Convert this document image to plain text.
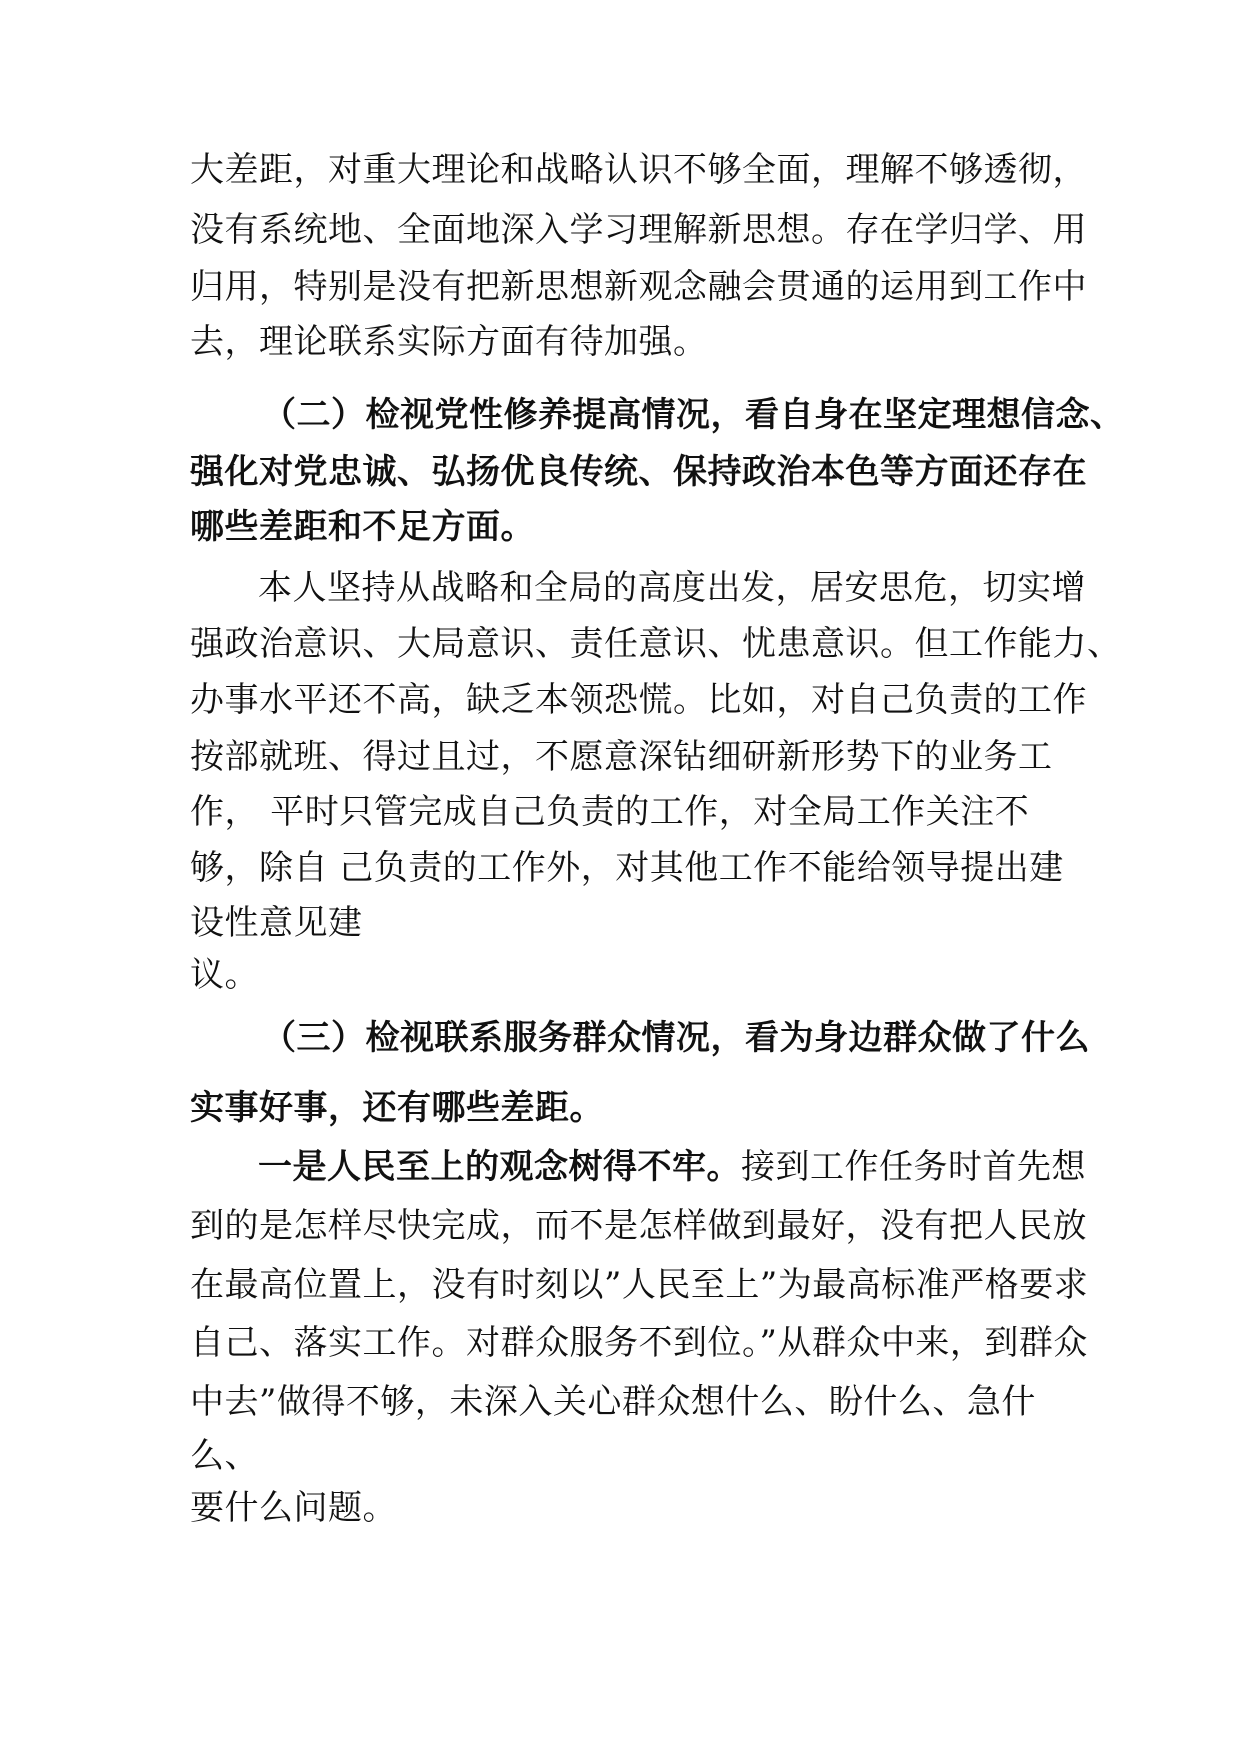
大差距，对重大理论和战略认识不够全面，理解不够透彻，
没有系统地、全面地深入学习理解新思想。存在学归学、用
归用，特别是没有把新思想新观念融会贯通的运用到工作中
去，理论联系实际方面有待加强。
（二）检视党性修养提高情况，看自身在坚定理想信念、
强化对党忠诚、弘扬优良传统、保持政治本色等方面还存在
哪些差距和不足方面。
本人坚持从战略和全局的高度出发，居安思危，切实增
强政治意识、大局意识、责任意识、忧患意识。但工作能力、
办事水平还不高，缺乏本领恐慌。比如，对自己负责的工作
按部就班、得过且过，不愿意深钻细研新形势下的业务工
作， 平时只管完成自己负责的工作，对全局工作关注不
够，除自 己负责的工作外，对其他工作不能给领导提出建
设性意见建
议。
（三）检视联系服务群众情况，看为身边群众做了什么
实事好事，还有哪些差距。
一是人民至上的观念树得不牢。接到工作任务时首先想
到的是怎样尽快完成，而不是怎样做到最好，没有把人民放
在最高位置上，没有时刻以”人民至上”为最高标准严格要求
自己、落实工作。对群众服务不到位。”从群众中来，到群众
中去”做得不够，未深入关心群众想什么、盼什么、急什
么、
要什么问题。
